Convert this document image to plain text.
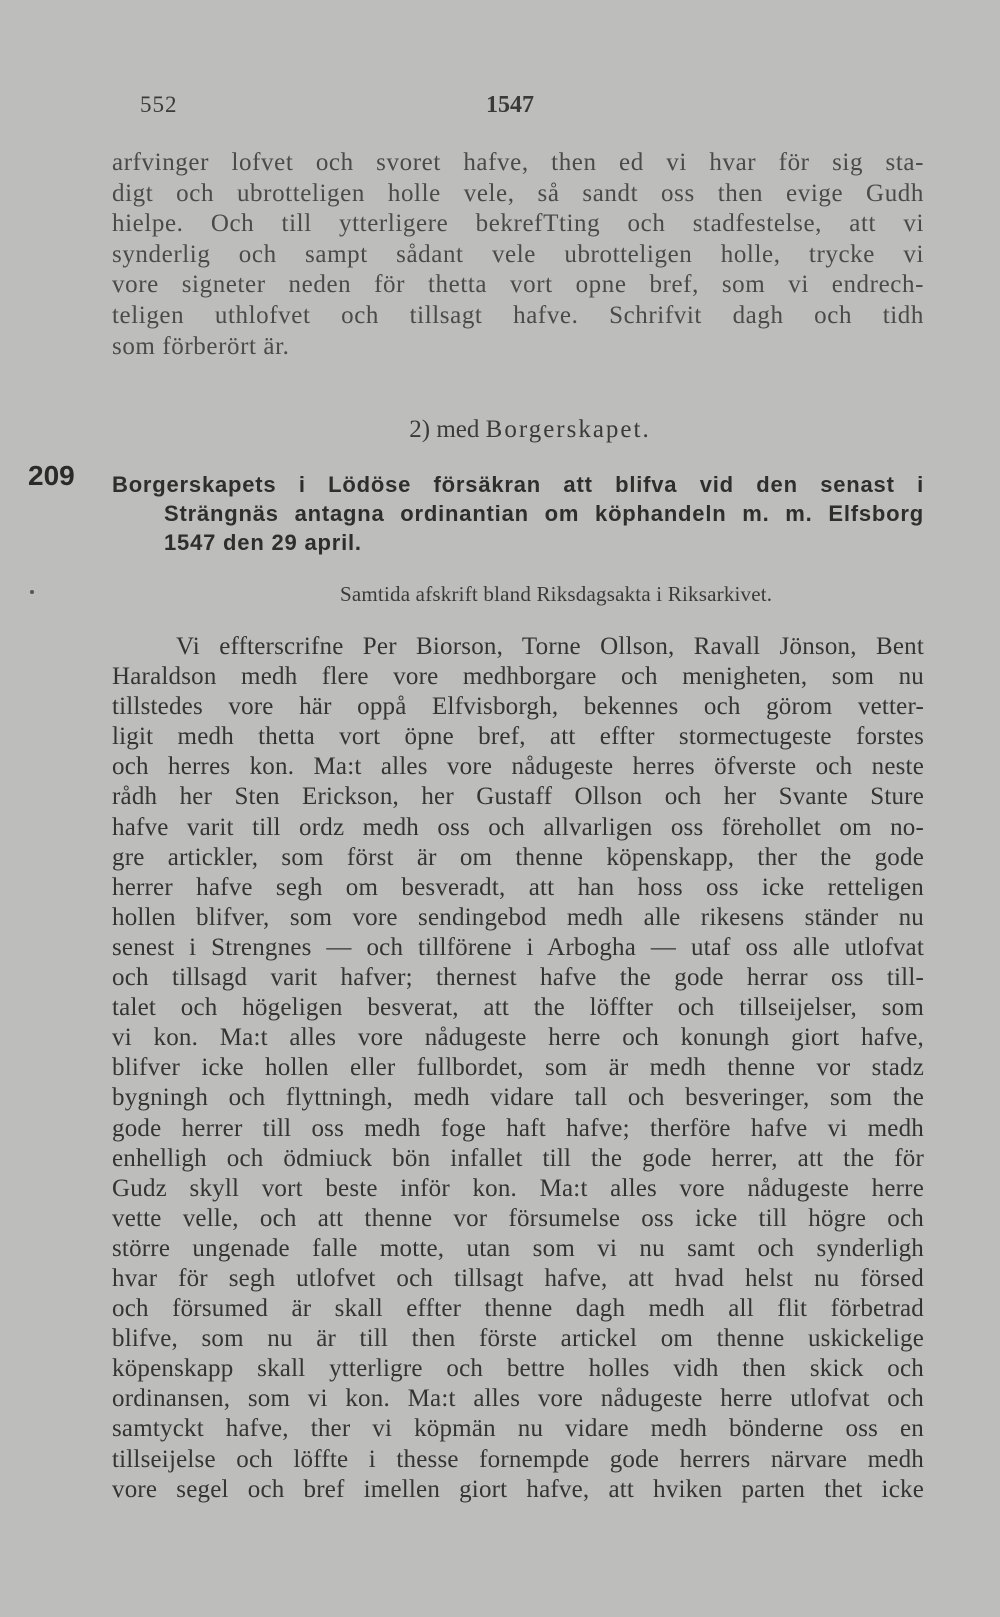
552	1547
arfvinger lofvet och svoret hafve, then ed vi hvar för sig sta-
digt och ubrotteligen holle vele, så sandt oss then evige Gudh
hielpe. Och till ytterligere bekrefTting och stadfestelse, att vi
synderlig och sampt sådant vele ubrotteligen holle, trycke vi
vore signeter neden för thetta vort opne bref, som vi endrech-
teligen uthlofvet och tillsagt hafve. Schrifvit dagh och tidh
som förberört är.
2) med Borgerskapet.
209 Borgerskapets i Lödöse försäkran att blifva vid den senast i
Strängnäs antagna ordinantian om köphandeln m. m. Elfsborg
1547 den 29 april.
Samtida afskrift bland Riksdagsakta i Riksarkivet.
Vi effterscrifne Per Biorson, Torne Ollson, Ravall Jönson, Bent
Haraldson medh flere vore medhborgare och menigheten, som nu
tillstedes vore här oppå Elfvisborgh, bekennes och görom vetter-
ligit medh thetta vort öpne bref, att effter stormectugeste forstes
och herres kon. Ma:t alles vore nådugeste herres öfverste och neste
rådh her Sten Erickson, her Gustaff Ollson och her Svante Sture
hafve varit till ordz medh oss och allvarligen oss förehollet om no-
gre artickler, som först är om thenne köpenskapp, ther the gode
herrer hafve segh om besveradt, att han hoss oss icke retteligen
hollen blifver, som vore sendingebod medh alle rikesens ständer nu
senest i Strengnes — och tillförene i Arbogha — utaf oss alle utlofvat
och tillsagd varit hafver; thernest hafve the gode herrar oss till-
talet och högeligen besverat, att the löffter och tillseijelser, som
vi kon. Ma:t alles vore nådugeste herre och konungh giort hafve,
blifver icke hollen eller fullbordet, som är medh thenne vor stadz
bygningh och flyttningh, medh vidare tall och besveringer, som the
gode herrer till oss medh foge haft hafve; therföre hafve vi medh
enhelligh och ödmiuck bön infallet till the gode herrer, att the för
Gudz skyll vort beste inför kon. Ma:t alles vore nådugeste herre
vette velle, och att thenne vor försumelse oss icke till högre och
större ungenade falle motte, utan som vi nu samt och synderligh
hvar för segh utlofvet och tillsagt hafve, att hvad helst nu försed
och försumed är skall effter thenne dagh medh all flit förbetrad
blifve, som nu är till then förste artickel om thenne uskickelige
köpenskapp skall ytterligre och bettre holles vidh then skick och
ordinansen, som vi kon. Ma:t alles vore nådugeste herre utlofvat och
samtyckt hafve, ther vi köpmän nu vidare medh bönderne oss en
tillseijelse och löffte i thesse fornempde gode herrers närvare medh
vore segel och bref imellen giort hafve, att hviken parten thet icke
